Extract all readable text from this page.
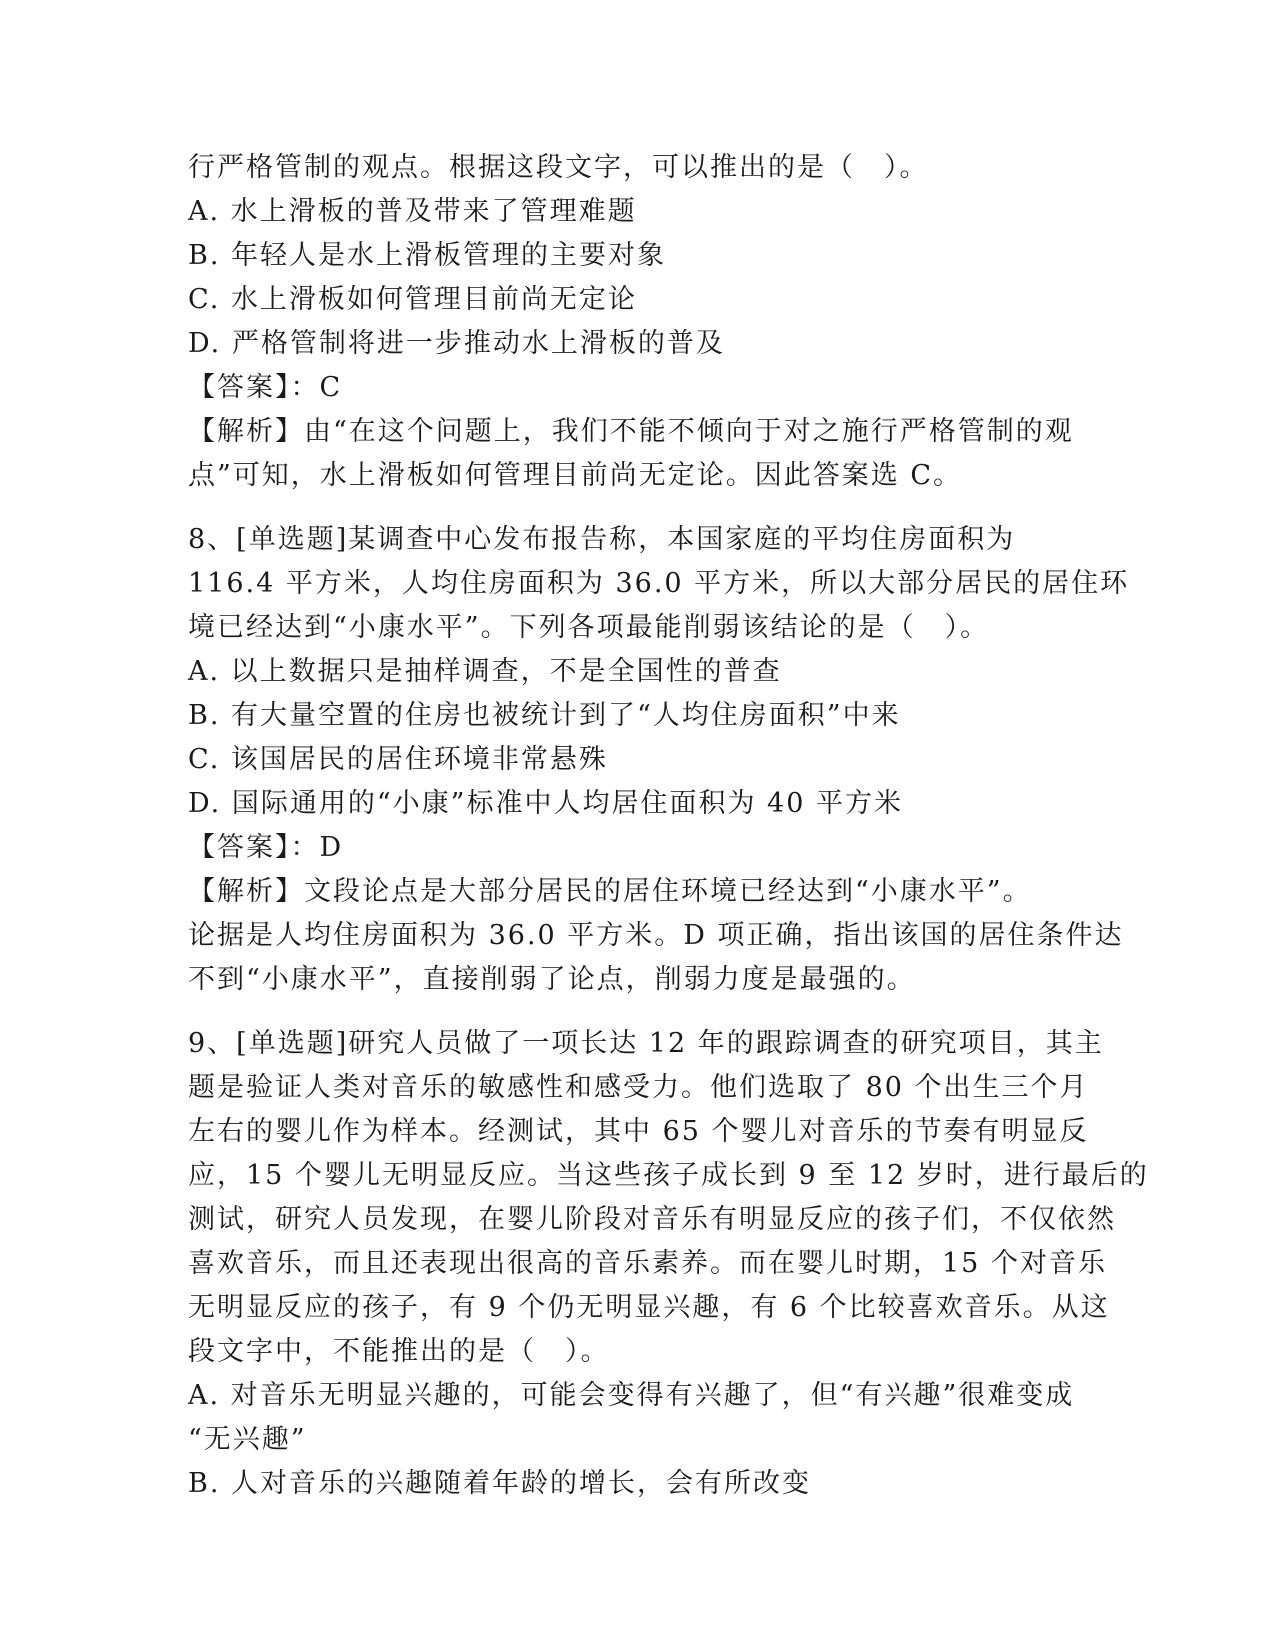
行严格管制的观点。根据这段文字，可以推出的是（　）。
A. 水上滑板的普及带来了管理难题
B. 年轻人是水上滑板管理的主要对象
C. 水上滑板如何管理目前尚无定论
D. 严格管制将进一步推动水上滑板的普及
【答案】：C
【解析】由“在这个问题上，我们不能不倾向于对之施行严格管制的观
点”可知，水上滑板如何管理目前尚无定论。因此答案选 C。
8、[单选题]某调查中心发布报告称，本国家庭的平均住房面积为
116.4 平方米，人均住房面积为 36.0 平方米，所以大部分居民的居住环
境已经达到“小康水平”。下列各项最能削弱该结论的是（　）。
A. 以上数据只是抽样调查，不是全国性的普查
B. 有大量空置的住房也被统计到了“人均住房面积”中来
C. 该国居民的居住环境非常悬殊
D. 国际通用的“小康”标准中人均居住面积为 40 平方米
【答案】：D
【解析】文段论点是大部分居民的居住环境已经达到“小康水平”。
论据是人均住房面积为 36.0 平方米。D 项正确，指出该国的居住条件达
不到“小康水平”，直接削弱了论点，削弱力度是最强的。
9、[单选题]研究人员做了一项长达 12 年的跟踪调查的研究项目，其主
题是验证人类对音乐的敏感性和感受力。他们选取了 80 个出生三个月
左右的婴儿作为样本。经测试，其中 65 个婴儿对音乐的节奏有明显反
应，15 个婴儿无明显反应。当这些孩子成长到 9 至 12 岁时，进行最后的
测试，研究人员发现，在婴儿阶段对音乐有明显反应的孩子们，不仅依然
喜欢音乐，而且还表现出很高的音乐素养。而在婴儿时期，15 个对音乐
无明显反应的孩子，有 9 个仍无明显兴趣，有 6 个比较喜欢音乐。从这
段文字中，不能推出的是（　）。
A. 对音乐无明显兴趣的，可能会变得有兴趣了，但“有兴趣”很难变成
“无兴趣”
B. 人对音乐的兴趣随着年龄的增长，会有所改变
